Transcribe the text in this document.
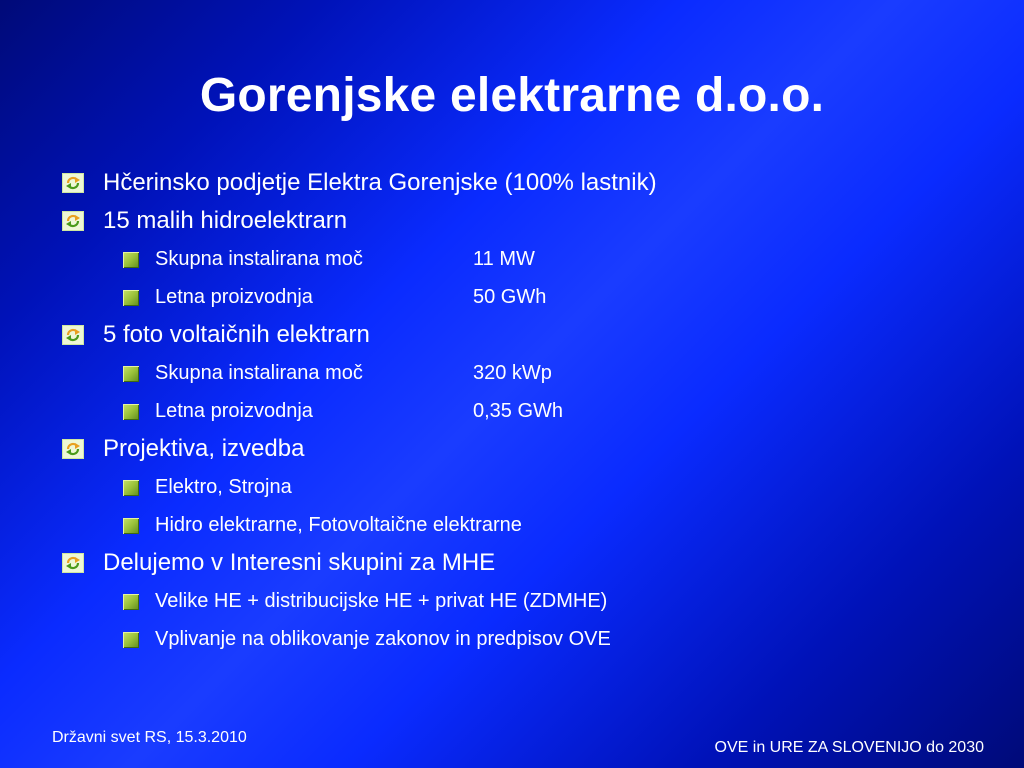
Gorenjske elektrarne d.o.o.
Hčerinsko podjetje Elektra Gorenjske (100% lastnik)
15 malih hidroelektrarn
Skupna instalirana moč	11 MW
Letna proizvodnja	50 GWh
5 foto voltaičnih elektrarn
Skupna instalirana moč	320 kWp
Letna proizvodnja	0,35 GWh
Projektiva, izvedba
Elektro, Strojna
Hidro elektrarne, Fotovoltaične elektrarne
Delujemo v Interesni skupini za MHE
Velike HE + distribucijske HE + privat HE (ZDMHE)
Vplivanje na oblikovanje zakonov in predpisov OVE
Državni svet RS, 15.3.2010
OVE in URE ZA SLOVENIJO do 2030
